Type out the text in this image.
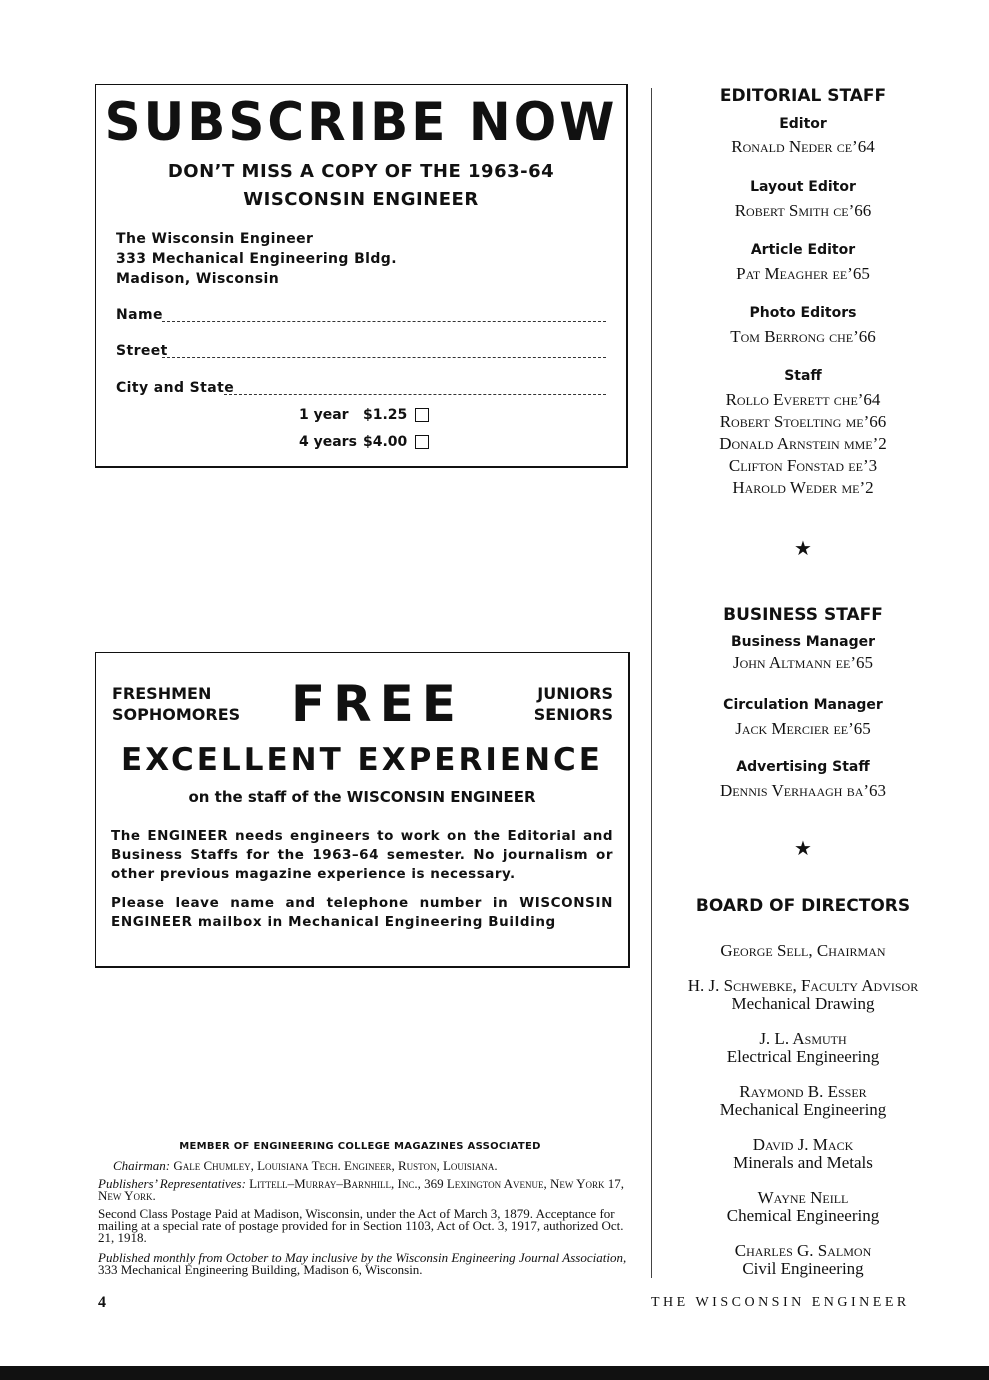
SUBSCRIBE NOW
DON’T MISS A COPY OF THE 1963-64
WISCONSIN ENGINEER
The Wisconsin Engineer
333 Mechanical Engineering Bldg.
Madison, Wisconsin
Name
Street
City and State
1 year $1.25
4 years $4.00
FRESHMEN
SOPHOMORES FREE	JUNIORS
SENIORS
EXCELLENT EXPERIENCE
on the staff of the WISCONSIN ENGINEER
The ENGINEER needs engineers to work on the Editorial and Business Staffs for the 1963–64 semester. No journalism or other previous magazine experience is necessary.
Please leave name and telephone number in WISCONSIN ENGINEER mailbox in Mechanical Engineering Building
MEMBER OF ENGINEERING COLLEGE MAGAZINES ASSOCIATED

Chairman: Gale Chumley, Louisiana Tech. Engineer, Ruston, Louisiana.

Publishers’ Representatives: Littell–Murray–Barnhill, Inc., 369 Lexington Avenue, New York 17, New York.

Second Class Postage Paid at Madison, Wisconsin, under the Act of March 3, 1879. Acceptance for mailing at a special rate of postage provided for in Section 1103, Act of Oct. 3, 1917, authorized Oct. 21, 1918.

Published monthly from October to May inclusive by the Wisconsin Engineering Journal Association, 333 Mechanical Engineering Building, Madison 6, Wisconsin.

EDITORIAL STAFF
Editor
Ronald Neder ce’64
Layout Editor
Robert Smith ce’66
Article Editor
Pat Meagher ee’65
Photo Editors
Tom Berrong che’66
Staff
Rollo Everett che’64
Robert Stoelting me’66
Donald Arnstein mme’2
Clifton Fonstad ee’3
Harold Weder me’2
★
BUSINESS STAFF
Business Manager
John Altmann ee’65
Circulation Manager
Jack Mercier ee’65
Advertising Staff
Dennis Verhaagh ba’63
★
BOARD OF DIRECTORS
George Sell, Chairman
H. J. Schwebke, Faculty Advisor
Mechanical Drawing
J. L. Asmuth
Electrical Engineering
Raymond B. Esser
Mechanical Engineering
David J. Mack
Minerals and Metals
Wayne Neill
Chemical Engineering
Charles G. Salmon
Civil Engineering
4	THE WISCONSIN ENGINEER
